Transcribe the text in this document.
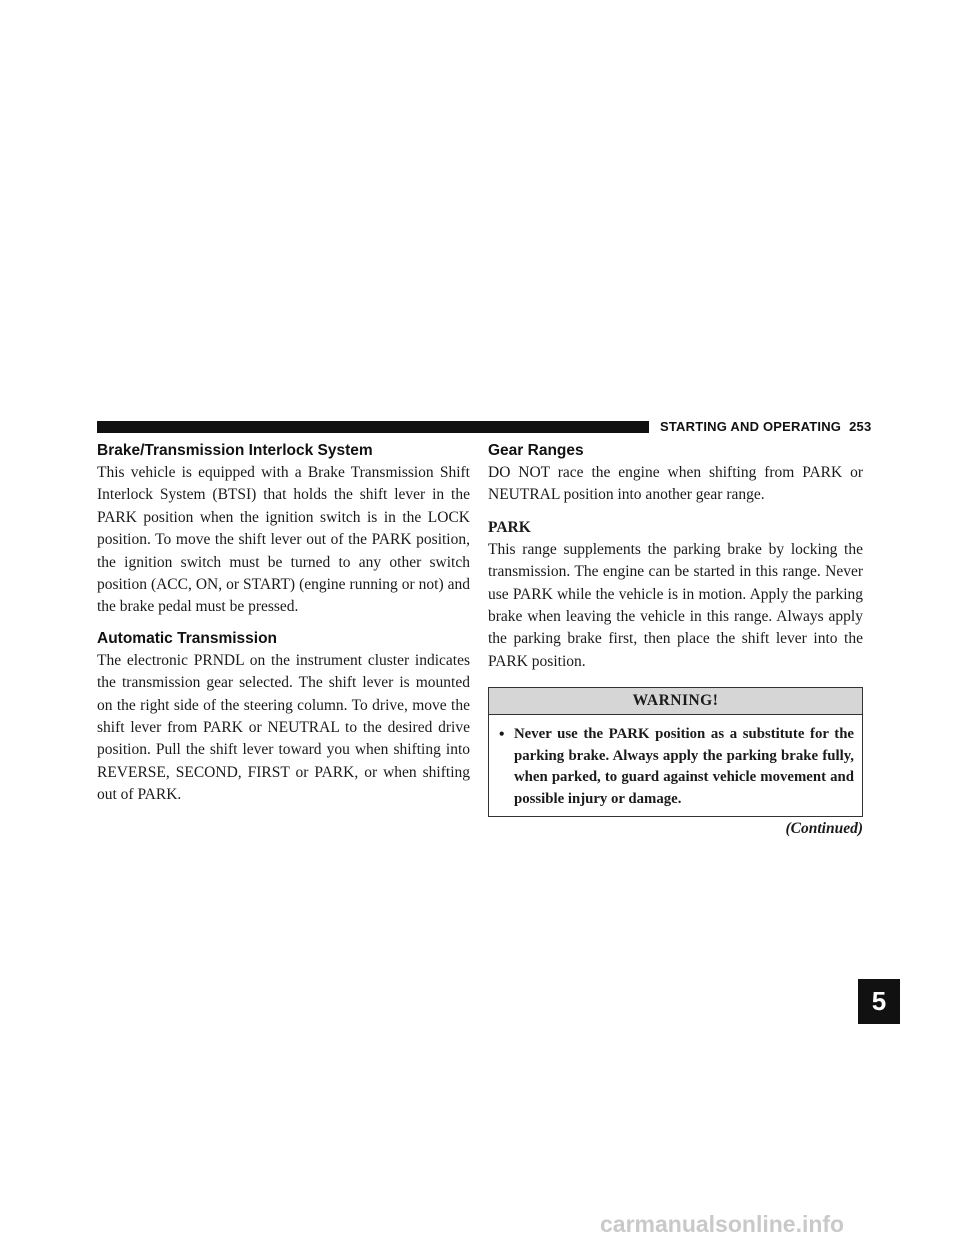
STARTING AND OPERATING 253
Brake/Transmission Interlock System

This vehicle is equipped with a Brake Transmission Shift Interlock System (BTSI) that holds the shift lever in the PARK position when the ignition switch is in the LOCK position. To move the shift lever out of the PARK position, the ignition switch must be turned to any other switch position (ACC, ON, or START) (engine running or not) and the brake pedal must be pressed.

Automatic Transmission

The electronic PRNDL on the instrument cluster indicates the transmission gear selected. The shift lever is mounted on the right side of the steering column. To drive, move the shift lever from PARK or NEUTRAL to the desired drive position. Pull the shift lever toward you when shifting into REVERSE, SECOND, FIRST or PARK, or when shifting out of PARK.

Gear Ranges

DO NOT race the engine when shifting from PARK or NEUTRAL position into another gear range.

PARK

This range supplements the parking brake by locking the transmission. The engine can be started in this range. Never use PARK while the vehicle is in motion. Apply the parking brake when leaving the vehicle in this range. Always apply the parking brake first, then place the shift lever into the PARK position.

WARNING!
• Never use the PARK position as a substitute for the parking brake. Always apply the parking brake fully, when parked, to guard against vehicle movement and possible injury or damage.
(Continued)
5
carmanualsonline.info
